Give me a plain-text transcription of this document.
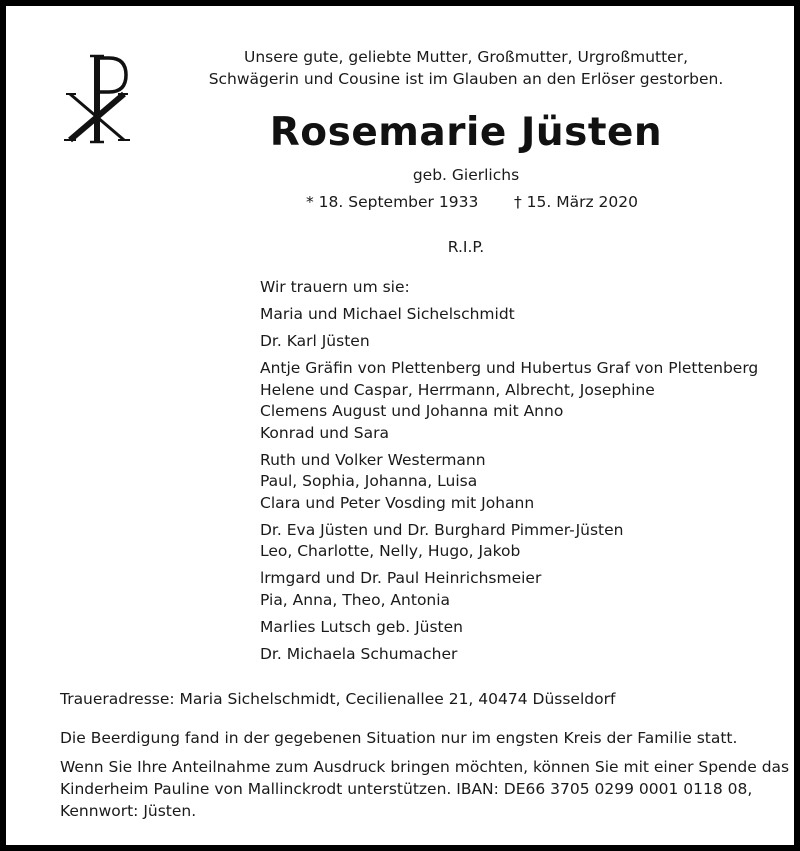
Unsere gute, geliebte Mutter, Großmutter, Urgroßmutter,
Schwägerin und Cousine ist im Glauben an den Erlöser gestorben.
Rosemarie Jüsten
geb. Gierlichs
* 18. September 1933 † 15. März 2020
R.I.P.
Wir trauern um sie:
Maria und Michael Sichelschmidt
Dr. Karl Jüsten
Antje Gräfin von Plettenberg und Hubertus Graf von Plettenberg
Helene und Caspar, Herrmann, Albrecht, Josephine
Clemens August und Johanna mit Anno
Konrad und Sara
Ruth und Volker Westermann
Paul, Sophia, Johanna, Luisa
Clara und Peter Vosding mit Johann
Dr. Eva Jüsten und Dr. Burghard Pimmer-Jüsten
Leo, Charlotte, Nelly, Hugo, Jakob
lrmgard und Dr. Paul Heinrichsmeier
Pia, Anna, Theo, Antonia
Marlies Lutsch geb. Jüsten
Dr. Michaela Schumacher
Traueradresse: Maria Sichelschmidt, Cecilienallee 21, 40474 Düsseldorf
Die Beerdigung fand in der gegebenen Situation nur im engsten Kreis der Familie statt.
Wenn Sie Ihre Anteilnahme zum Ausdruck bringen möchten, können Sie mit einer Spende das
Kinderheim Pauline von Mallinckrodt unterstützen. IBAN: DE66 3705 0299 0001 0118 08,
Kennwort: Jüsten.
